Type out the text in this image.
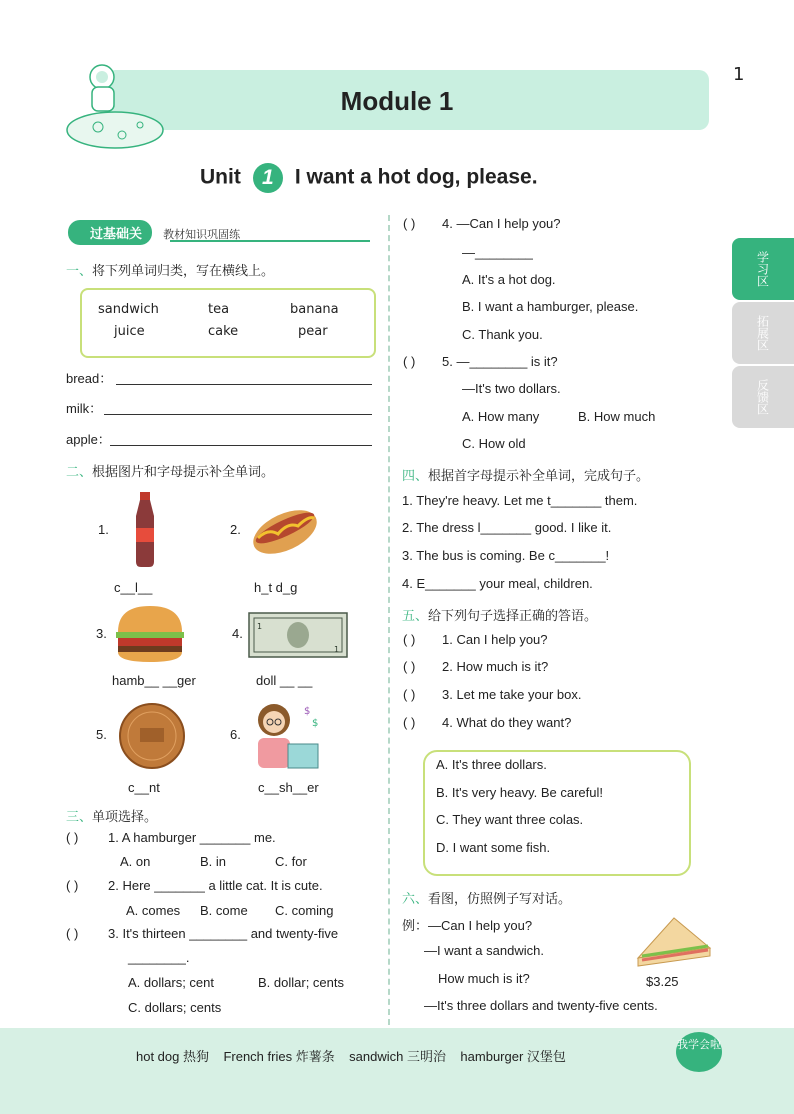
1
Module 1
Unit 1 I want a hot dog, please.
学习区
拓展区
反馈区
过基础关 教材知识巩固练
一、将下列单词归类，写在横线上。
sandwich	tea	banana
juice	cake	pear
bread：
milk：
apple：
二、根据图片和字母提示补全单词。
1.
c__l__
2.
h_t d_g
3.
hamb__ __ger
4. 1
1
doll __ __
5.
c__nt
6.
$
$
c__sh__er
三、单项选择。
( ) 1. A hamburger _______ me.
A. on	B. in	C. for
( ) 2. Here _______ a little cat. It is cute.
A. comes B. come C. coming
( ) 3. It's thirteen ________ and twenty-five
________.
A. dollars; cent	B. dollar; cents
C. dollars; cents
( ) 4. —Can I help you?
—________
A. It's a hot dog.
B. I want a hamburger, please.
C. Thank you.
( ) 5. —________ is it?
—It's two dollars.
A. How many	B. How much
C. How old
四、根据首字母提示补全单词，完成句子。
1. They're heavy. Let me t_______ them.
2. The dress l_______ good. I like it.
3. The bus is coming. Be c_______!
4. E_______ your meal, children.
五、给下列句子选择正确的答语。
( ) 1. Can I help you?
( ) 2. How much is it?
( ) 3. Let me take your box.
( ) 4. What do they want?
A. It's three dollars.
B. It's very heavy. Be careful!
C. They want three colas.
D. I want some fish.
六、看图，仿照例子写对话。
例：—Can I help you?
—I want a sandwich.
How much is it?
—It's three dollars and twenty-five cents.
$3.25
hot dog 热狗 French fries 炸薯条 sandwich 三明治 hamburger 汉堡包
我学会啦
